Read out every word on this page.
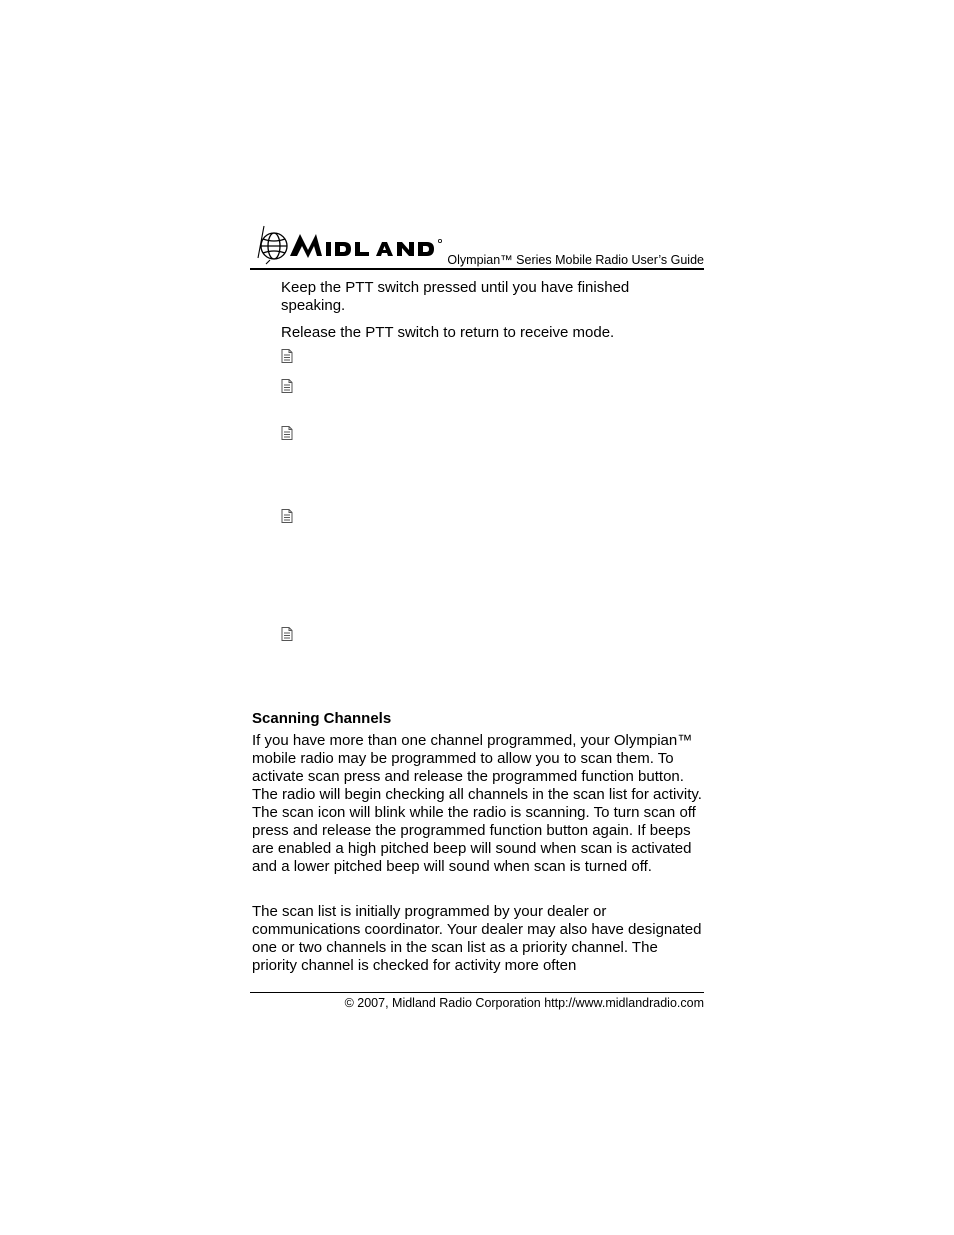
Olympian™ Series Mobile Radio User’s Guide
Keep the PTT switch pressed until you have finished speaking.
Release the PTT switch to return to receive mode.
Scanning Channels
If you have more than one channel programmed, your Olympian™ mobile radio may be programmed to allow you to scan them. To activate scan press and release the programmed function button. The radio will begin checking all channels in the scan list for activity. The scan icon will blink while the radio is scanning. To turn scan off press and release the programmed function button again. If beeps are enabled a high pitched beep will sound when scan is activated and a lower pitched beep will sound when scan is turned off.
The scan list is initially programmed by your dealer or communications coordinator. Your dealer may also have designated one or two channels in the scan list as a priority channel. The priority channel is checked for activity more often
© 2007, Midland Radio Corporation http://www.midlandradio.com
